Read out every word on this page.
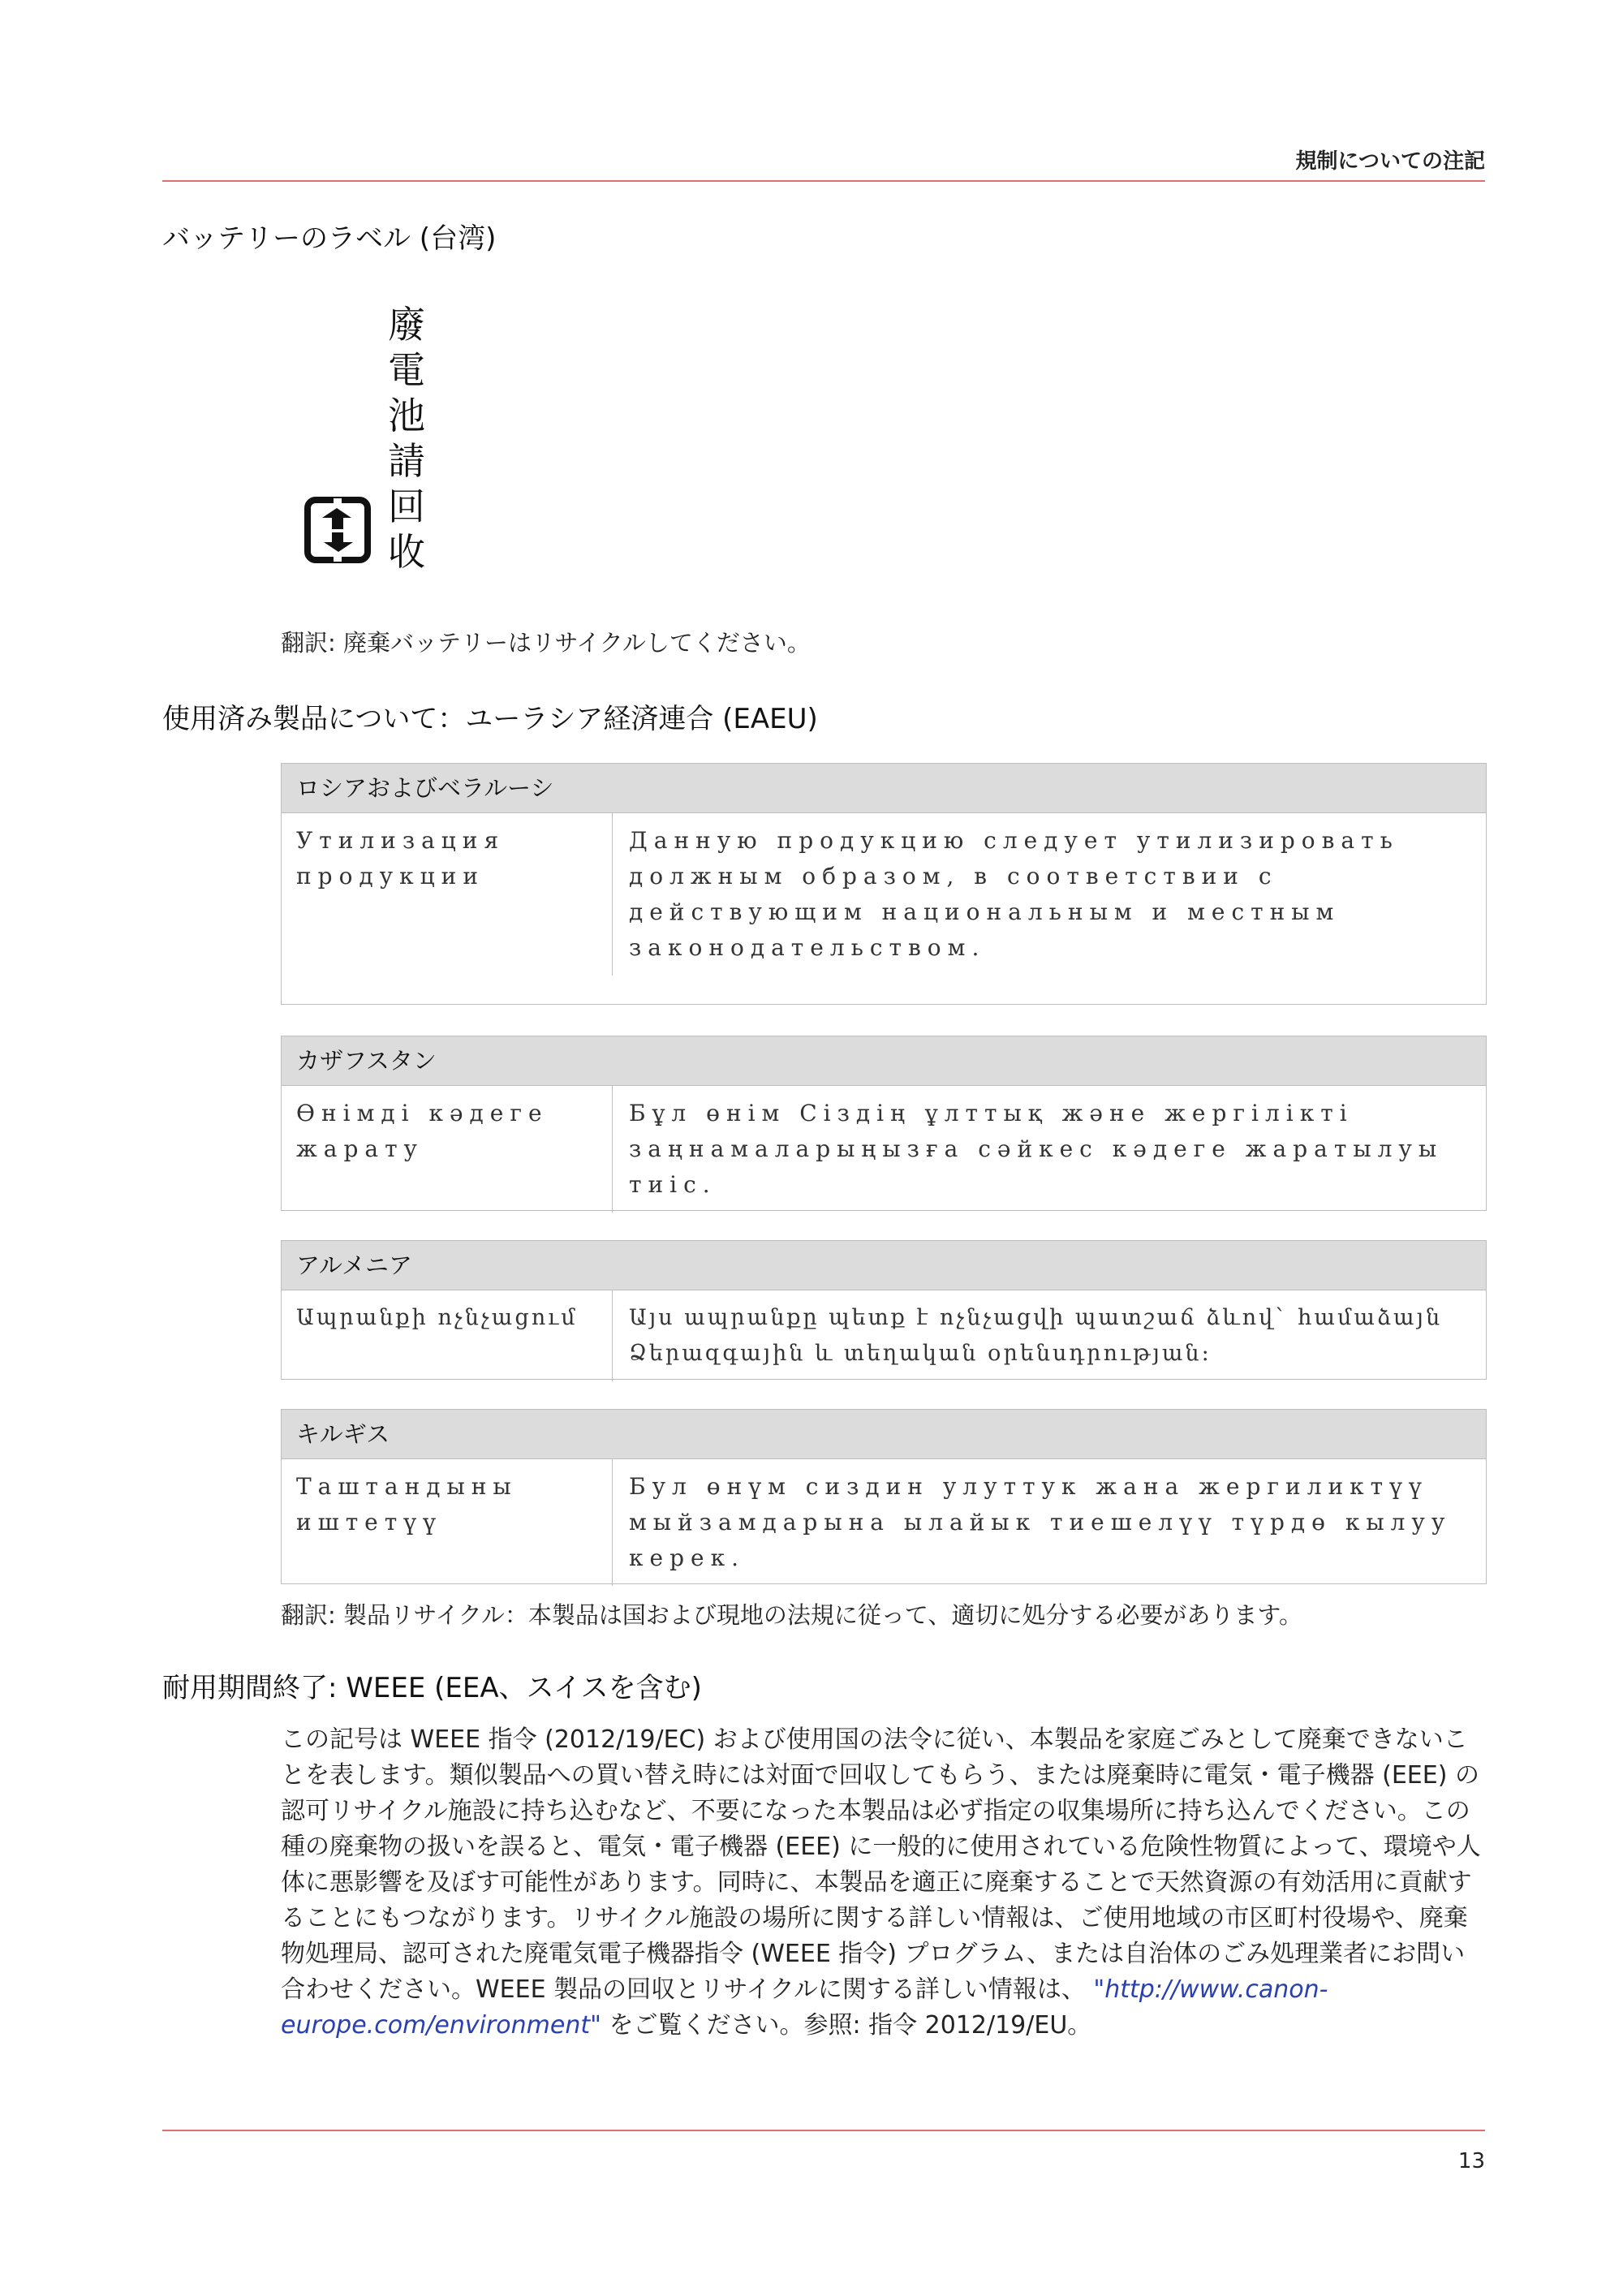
規制についての注記
バッテリーのラベル (台湾)
廢
電
池
請
回
收

翻訳: 廃棄バッテリーはリサイクルしてください。

使用済み製品について：ユーラシア経済連合 (EAEU)
ロシアおよびベラルーシ

Утилизация продукции

Данную продукцию следует утилизировать должным образом, в соответствии с действующим национальным и местным законодательством.

カザフスタン

Өнімді кәдеге жарату

Бұл өнім Сіздің ұлттық және жергілікті заңнамаларыңызға сәйкес кәдеге жаратылуы тиіс.

アルメニア

Ապրանքի ոչնչացում	Այս ապրանքը պետք է ոչնչացվի պատշաճ ձևով` համաձայն Ձերազգային և տեղական օրենսդրության:

キルギス

Таштандыны иштетүү

Бул өнүм сиздин улуттук жана жергиликтүү мыйзамдарына ылайык тиешелүү түрдө кылуу керек.

翻訳: 製品リサイクル：本製品は国および現地の法規に従って、適切に処分する必要があります。

耐用期間終了: WEEE (EEA、スイスを含む)

この記号は WEEE 指令 (2012/19/EC) および使用国の法令に従い、本製品を家庭ごみとして廃棄できないことを表します。類似製品への買い替え時には対面で回収してもらう、または廃棄時に電気・電子機器 (EEE) の認可リサイクル施設に持ち込むなど、不要になった本製品は必ず指定の収集場所に持ち込んでください。この種の廃棄物の扱いを誤ると、電気・電子機器 (EEE) に一般的に使用されている危険性物質によって、環境や人体に悪影響を及ぼす可能性があります。同時に、本製品を適正に廃棄することで天然資源の有効活用に貢献することにもつながります。リサイクル施設の場所に関する詳しい情報は、ご使用地域の市区町村役場や、廃棄物処理局、認可された廃電気電子機器指令 (WEEE 指令) プログラム、または自治体のごみ処理業者にお問い合わせください。WEEE 製品の回収とリサイクルに関する詳しい情報は、 "http://www.canon-europe.com/environment" をご覧ください。参照: 指令 2012/19/EU。

13
